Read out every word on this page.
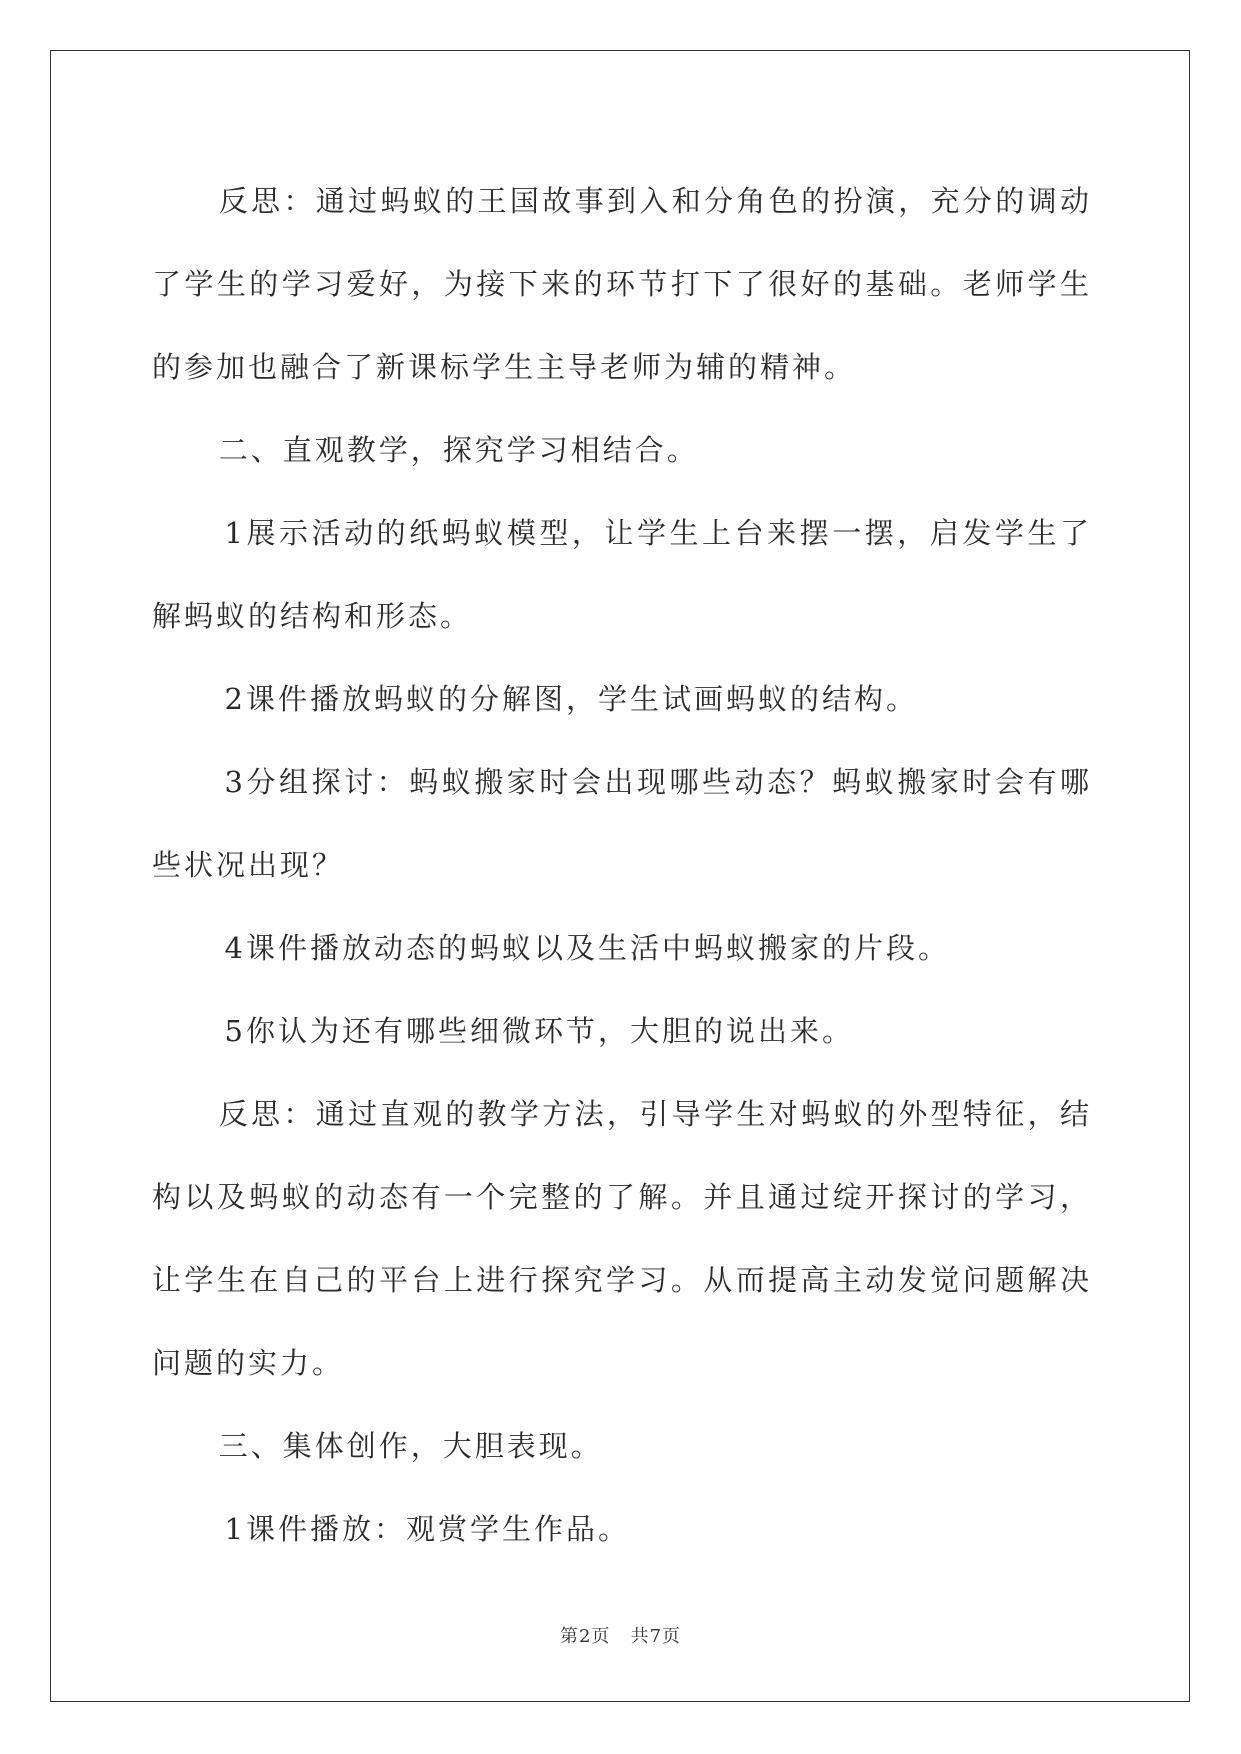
反思：通过蚂蚁的王国故事到入和分角色的扮演，充分的调动了学生的学习爱好，为接下来的环节打下了很好的基础。老师学生的参加也融合了新课标学生主导老师为辅的精神。

二、直观教学，探究学习相结合。

1展示活动的纸蚂蚁模型，让学生上台来摆一摆，启发学生了解蚂蚁的结构和形态。

2课件播放蚂蚁的分解图，学生试画蚂蚁的结构。

3分组探讨：蚂蚁搬家时会出现哪些动态？蚂蚁搬家时会有哪些状况出现？

4课件播放动态的蚂蚁以及生活中蚂蚁搬家的片段。

5你认为还有哪些细微环节，大胆的说出来。

反思：通过直观的教学方法，引导学生对蚂蚁的外型特征，结构以及蚂蚁的动态有一个完整的了解。并且通过绽开探讨的学习，让学生在自己的平台上进行探究学习。从而提高主动发觉问题解决问题的实力。

三、集体创作，大胆表现。

1课件播放：观赏学生作品。

第2页 共7页
